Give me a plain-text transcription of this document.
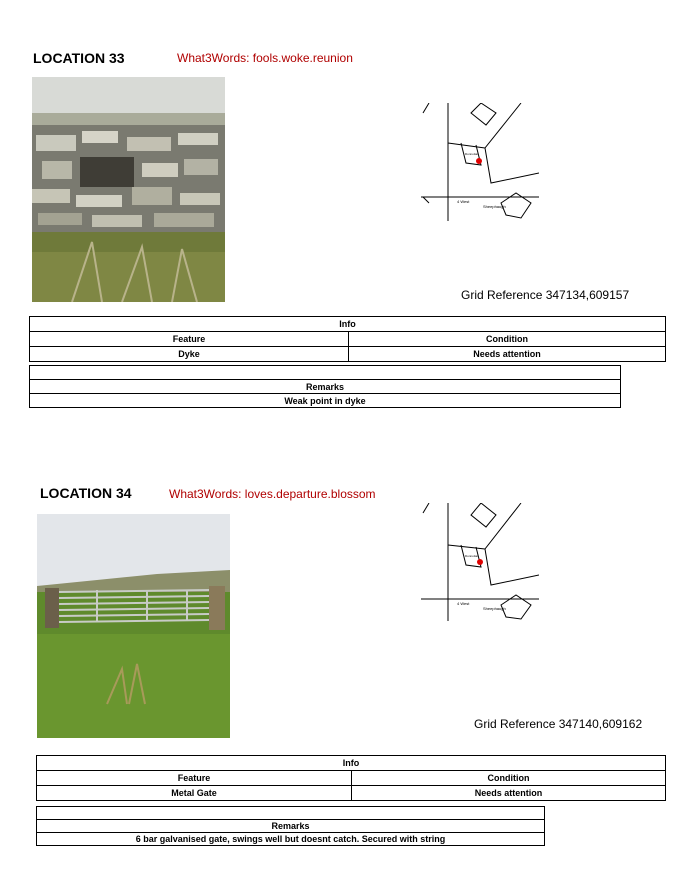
LOCATION 33	What3Words: fools.woke.reunion
Dunnottar
Sheephaugh
4 West
Grid Reference 347134,609157
Info	
Feature	Condition
Dyke	Needs attention

Remarks
Weak point in dyke
LOCATION 34	What3Words: loves.departure.blossom
Dunnottar
Sheephaugh
4 West
Grid Reference 347140,609162
Info	
Feature	Condition
Metal Gate	Needs attention

Remarks
6 bar galvanised gate, swings well but doesnt catch. Secured with string
